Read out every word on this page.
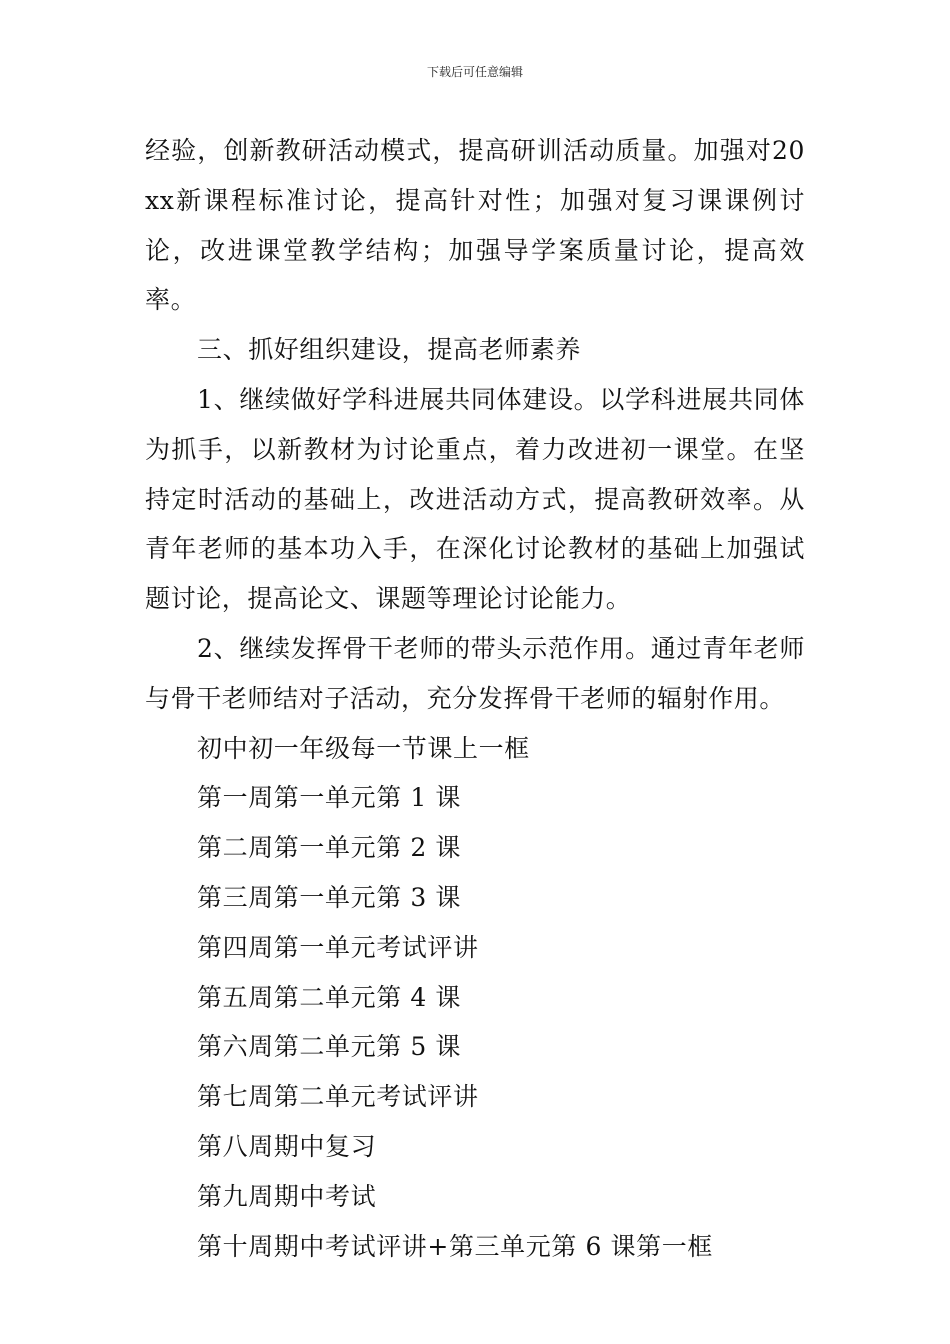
下载后可任意编辑

经验，创新教研活动模式，提高研训活动质量。加强对20xx新课程标准讨论，提高针对性；加强对复习课课例讨论，改进课堂教学结构；加强导学案质量讨论，提高效率。

三、抓好组织建设，提高老师素养

1、继续做好学科进展共同体建设。以学科进展共同体为抓手，以新教材为讨论重点，着力改进初一课堂。在坚持定时活动的基础上，改进活动方式，提高教研效率。从青年老师的基本功入手，在深化讨论教材的基础上加强试题讨论，提高论文、课题等理论讨论能力。

2、继续发挥骨干老师的带头示范作用。通过青年老师与骨干老师结对子活动，充分发挥骨干老师的辐射作用。

初中初一年级每一节课上一框

第一周第一单元第 1 课

第二周第一单元第 2 课

第三周第一单元第 3 课

第四周第一单元考试评讲

第五周第二单元第 4 课

第六周第二单元第 5 课

第七周第二单元考试评讲

第八周期中复习

第九周期中考试

第十周期中考试评讲+第三单元第 6 课第一框
